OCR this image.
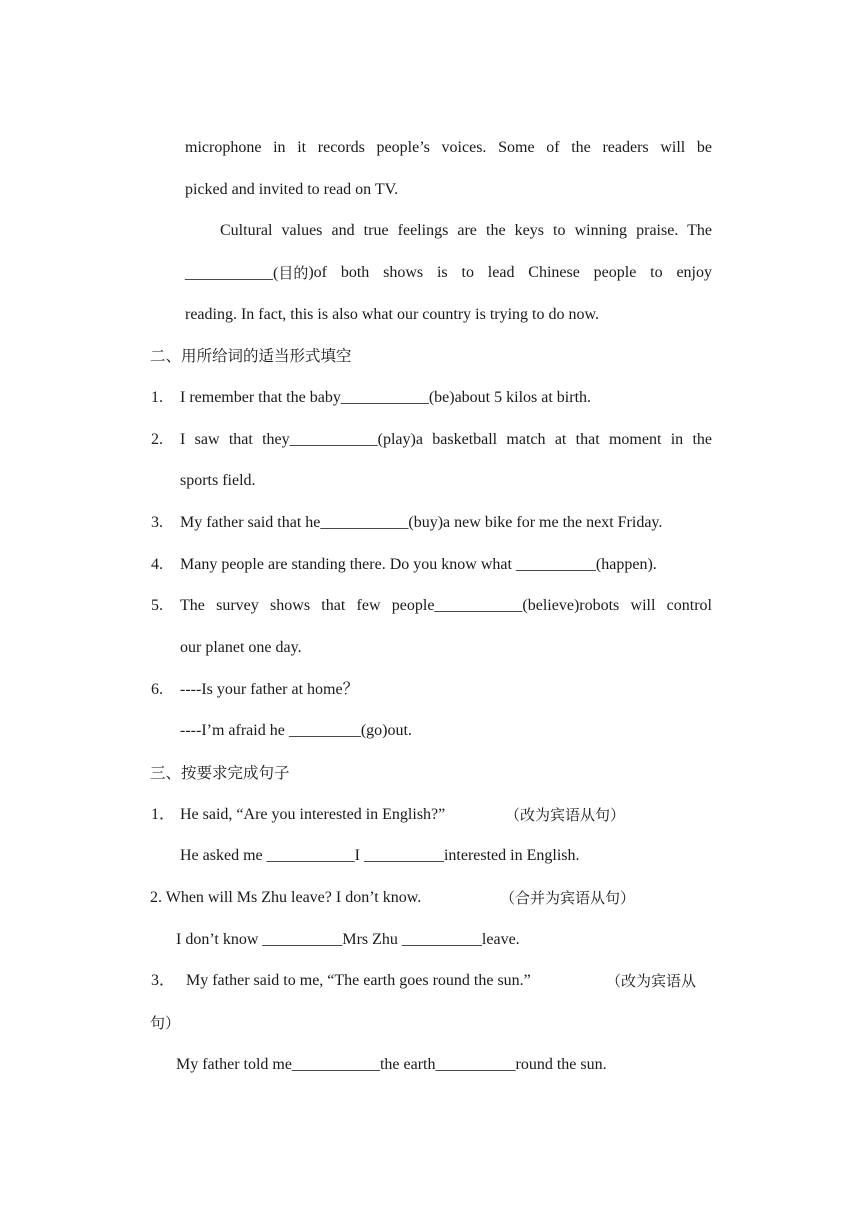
microphone in it records people’s voices. Some of the readers will be
picked and invited to read on TV.
Cultural values and true feelings are the keys to winning praise. The
___________(目的 )of both shows is to lead Chinese people to enjoy
reading. In fact, this is also what our country is trying to do now.
二、用所给词的适当形式填空
1. I remember that the baby___________(be)about 5 kilos at birth.
2. I saw that they___________(play)a basketball match at that moment in the
sports field.
3. My father said that he___________(buy)a new bike for me the next Friday.
4. Many people are standing there. Do you know what __________(happen).
5. The survey shows that few people___________(believe)robots will control
our planet one day.
6. ----Is your father at home？
----I’m afraid he _________(go)out.
三、按要求完成句子
1． He said, “Are you interested in English?”	（改为宾语从句）
He asked me ___________I __________interested in English.
2. When will Ms Zhu leave? I don’t know.	（合并为宾语从句）
I don’t know __________Mrs Zhu __________leave.
3． My father said to me, “The earth goes round the sun.”	（改为宾语从
句）
My father told me___________the earth__________round the sun.
